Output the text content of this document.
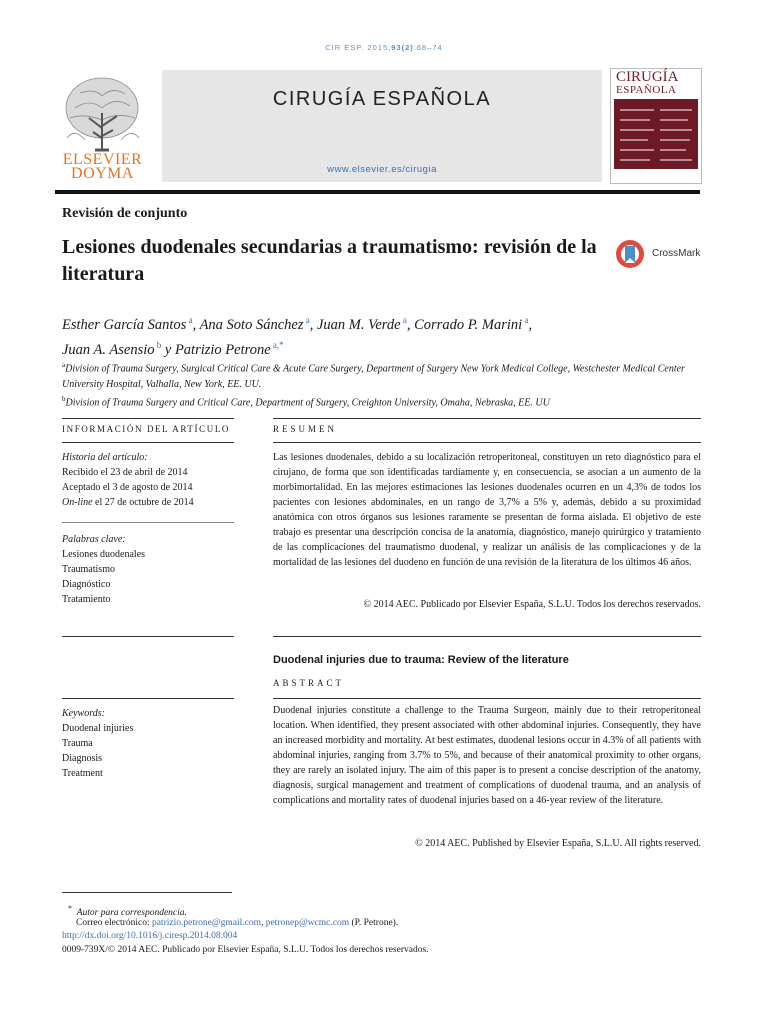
CIR ESP. 2015;93(2):68–74
ELSEVIER
DOYMA
CIRUGÍA ESPAÑOLA
www.elsevier.es/cirugia
CIRUGÍA
ESPAÑOLA
Revisión de conjunto
Lesiones duodenales secundarias a traumatismo: revisión de la literatura
CrossMark
Esther García Santos $^a$, Ana Soto Sánchez $^a$, Juan M. Verde $^a$, Corrado P. Marini $^a$,
Juan A. Asensio $^b$ y Patrizio Petrone $^{a,*}$
$^a$Division of Trauma Surgery, Surgical Critical Care & Acute Care Surgery, Department of Surgery New York Medical College, Westchester Medical Center University Hospital, Valhalla, New York, EE. UU.
$^b$Division of Trauma Surgery and Critical Care, Department of Surgery, Creighton University, Omaha, Nebraska, EE. UU
INFORMACIÓN DEL ARTÍCULO
Historia del artículo:
Recibido el 23 de abril de 2014
Aceptado el 3 de agosto de 2014
On-line el 27 de octubre de 2014
Palabras clave:
Lesiones duodenales
Traumatismo
Diagnóstico
Tratamiento
Keywords:
Duodenal injuries
Trauma
Diagnosis
Treatment
RESUMEN
Las lesiones duodenales, debido a su localización retroperitoneal, constituyen un reto diagnóstico para el cirujano, de forma que son identificadas tardíamente y, en consecuencia, se asocian a un aumento de la morbimortalidad. En las mejores estimaciones las lesiones duodenales ocurren en un 4,3% de todos los pacientes con lesiones abdominales, en un rango de 3,7% a 5% y, además, debido a su proximidad anatómica con otros órganos sus lesiones raramente se presentan de forma aislada. El objetivo de este trabajo es presentar una descripción concisa de la anatomía, diagnóstico, manejo quirúrgico y tratamiento de las complicaciones del traumatismo duodenal, y realizar un análisis de las complicaciones y de la mortalidad de las lesiones del duodeno en función de una revisión de la literatura de los últimos 46 años.
© 2014 AEC. Publicado por Elsevier España, S.L.U. Todos los derechos reservados.
Duodenal injuries due to trauma: Review of the literature
ABSTRACT
Duodenal injuries constitute a challenge to the Trauma Surgeon, mainly due to their retroperitoneal location. When identified, they present associated with other abdominal injuries. Consequently, they have an increased morbidity and mortality. At best estimates, duodenal lesions occur in 4.3% of all patients with abdominal injuries, ranging from 3.7% to 5%, and because of their anatomical proximity to other organs, they are rarely an isolated injury. The aim of this paper is to present a concise description of the anatomy, diagnosis, surgical management and treatment of complications of duodenal trauma, and an analysis of complications and mortality rates of duodenal injuries based on a 46-year review of the literature.
© 2014 AEC. Published by Elsevier España, S.L.U. All rights reserved.
* Autor para correspondencia.
Correo electrónico: patrizio.petrone@gmail.com, petronep@wcmc.com (P. Petrone).
http://dx.doi.org/10.1016/j.ciresp.2014.08.004
0009-739X/© 2014 AEC. Publicado por Elsevier España, S.L.U. Todos los derechos reservados.
